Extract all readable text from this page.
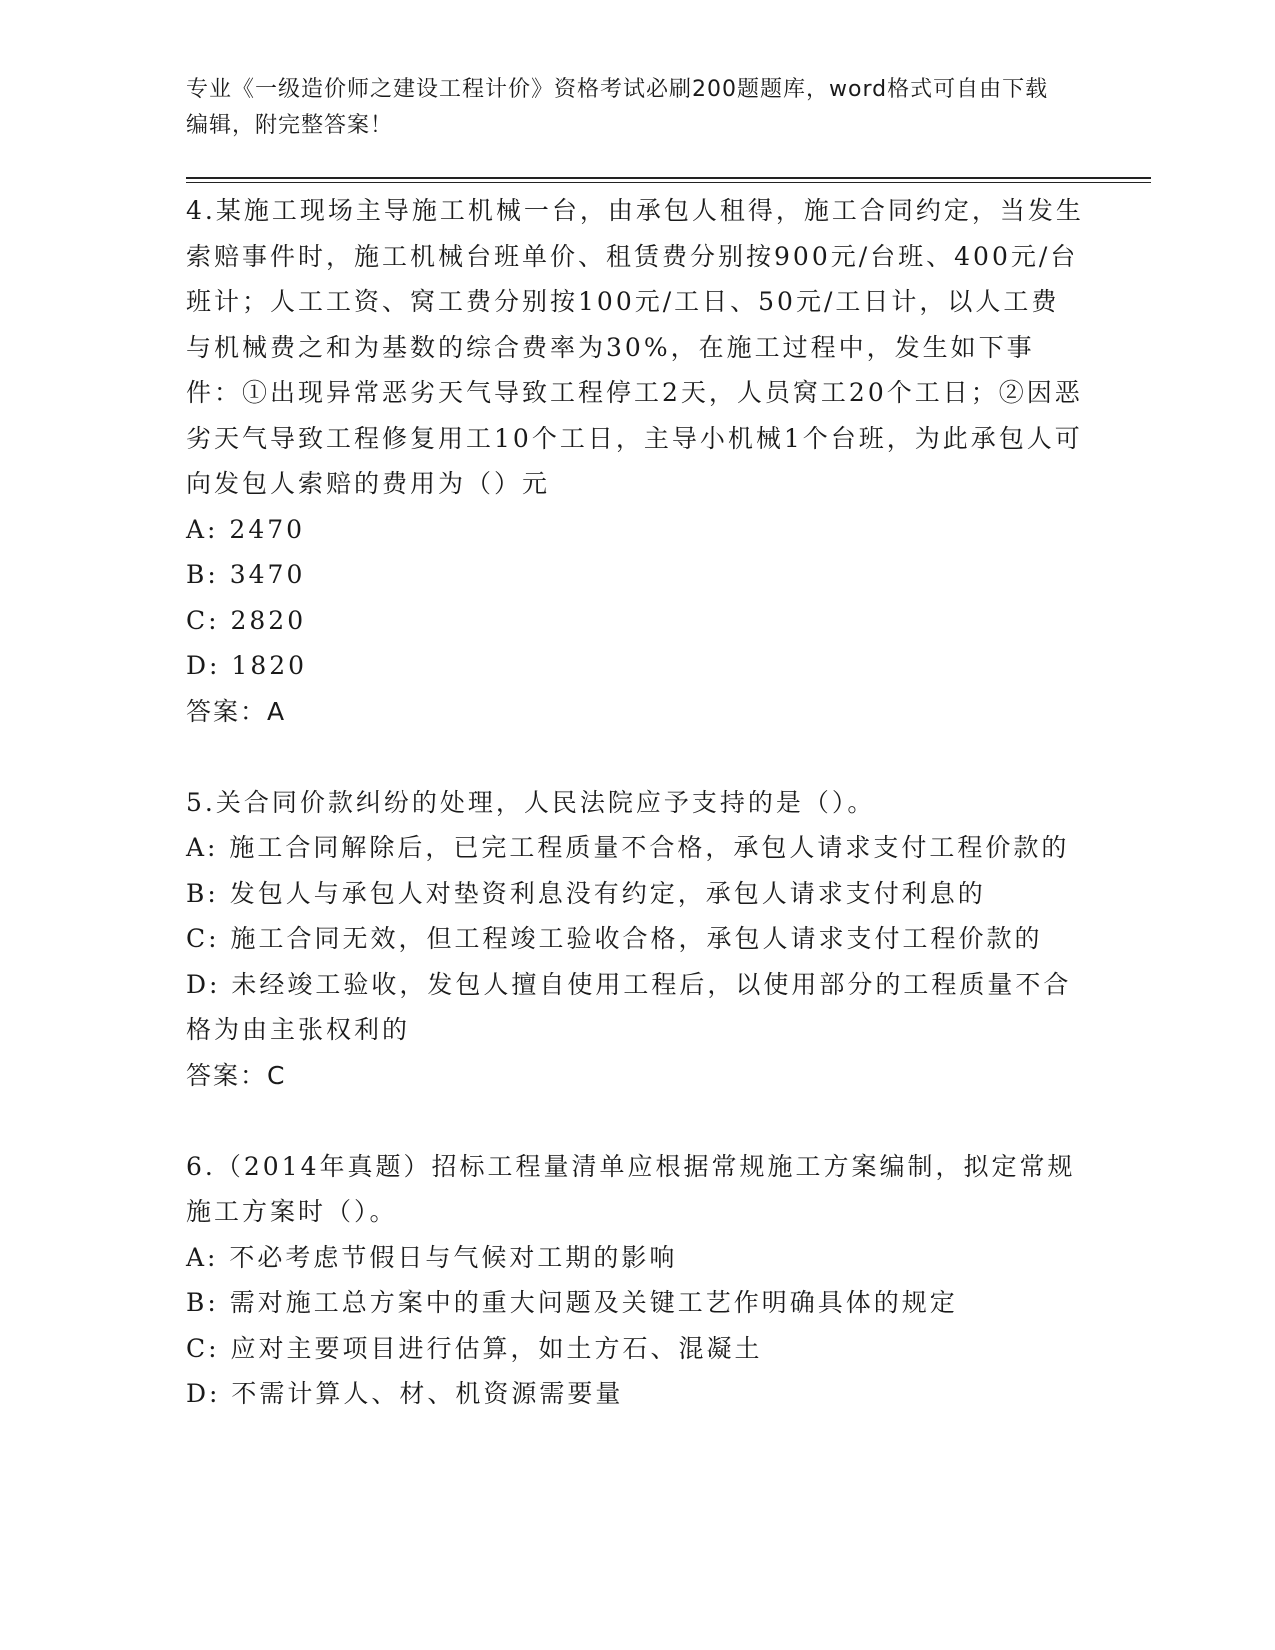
专业《一级造价师之建设工程计价》资格考试必刷200题题库，word格式可自由下载编辑，附完整答案！

4.某施工现场主导施工机械一台，由承包人租得，施工合同约定，当发生索赔事件时，施工机械台班单价、租赁费分别按900元/台班、400元/台班计；人工工资、窝工费分别按100元/工日、50元/工日计，以人工费与机械费之和为基数的综合费率为30%，在施工过程中，发生如下事件：①出现异常恶劣天气导致工程停工2天，人员窝工20个工日；②因恶劣天气导致工程修复用工10个工日，主导小机械1个台班，为此承包人可向发包人索赔的费用为（）元

A: 2470

B: 3470

C: 2820

D: 1820

答案：A

5.关合同价款纠纷的处理，人民法院应予支持的是（）。

A: 施工合同解除后，已完工程质量不合格，承包人请求支付工程价款的

B: 发包人与承包人对垫资利息没有约定，承包人请求支付利息的

C: 施工合同无效，但工程竣工验收合格，承包人请求支付工程价款的

D: 未经竣工验收，发包人擅自使用工程后，以使用部分的工程质量不合格为由主张权利的

答案：C

6.（2014年真题）招标工程量清单应根据常规施工方案编制，拟定常规施工方案时（）。

A: 不必考虑节假日与气候对工期的影响

B: 需对施工总方案中的重大问题及关键工艺作明确具体的规定

C: 应对主要项目进行估算，如土方石、混凝土

D: 不需计算人、材、机资源需要量
